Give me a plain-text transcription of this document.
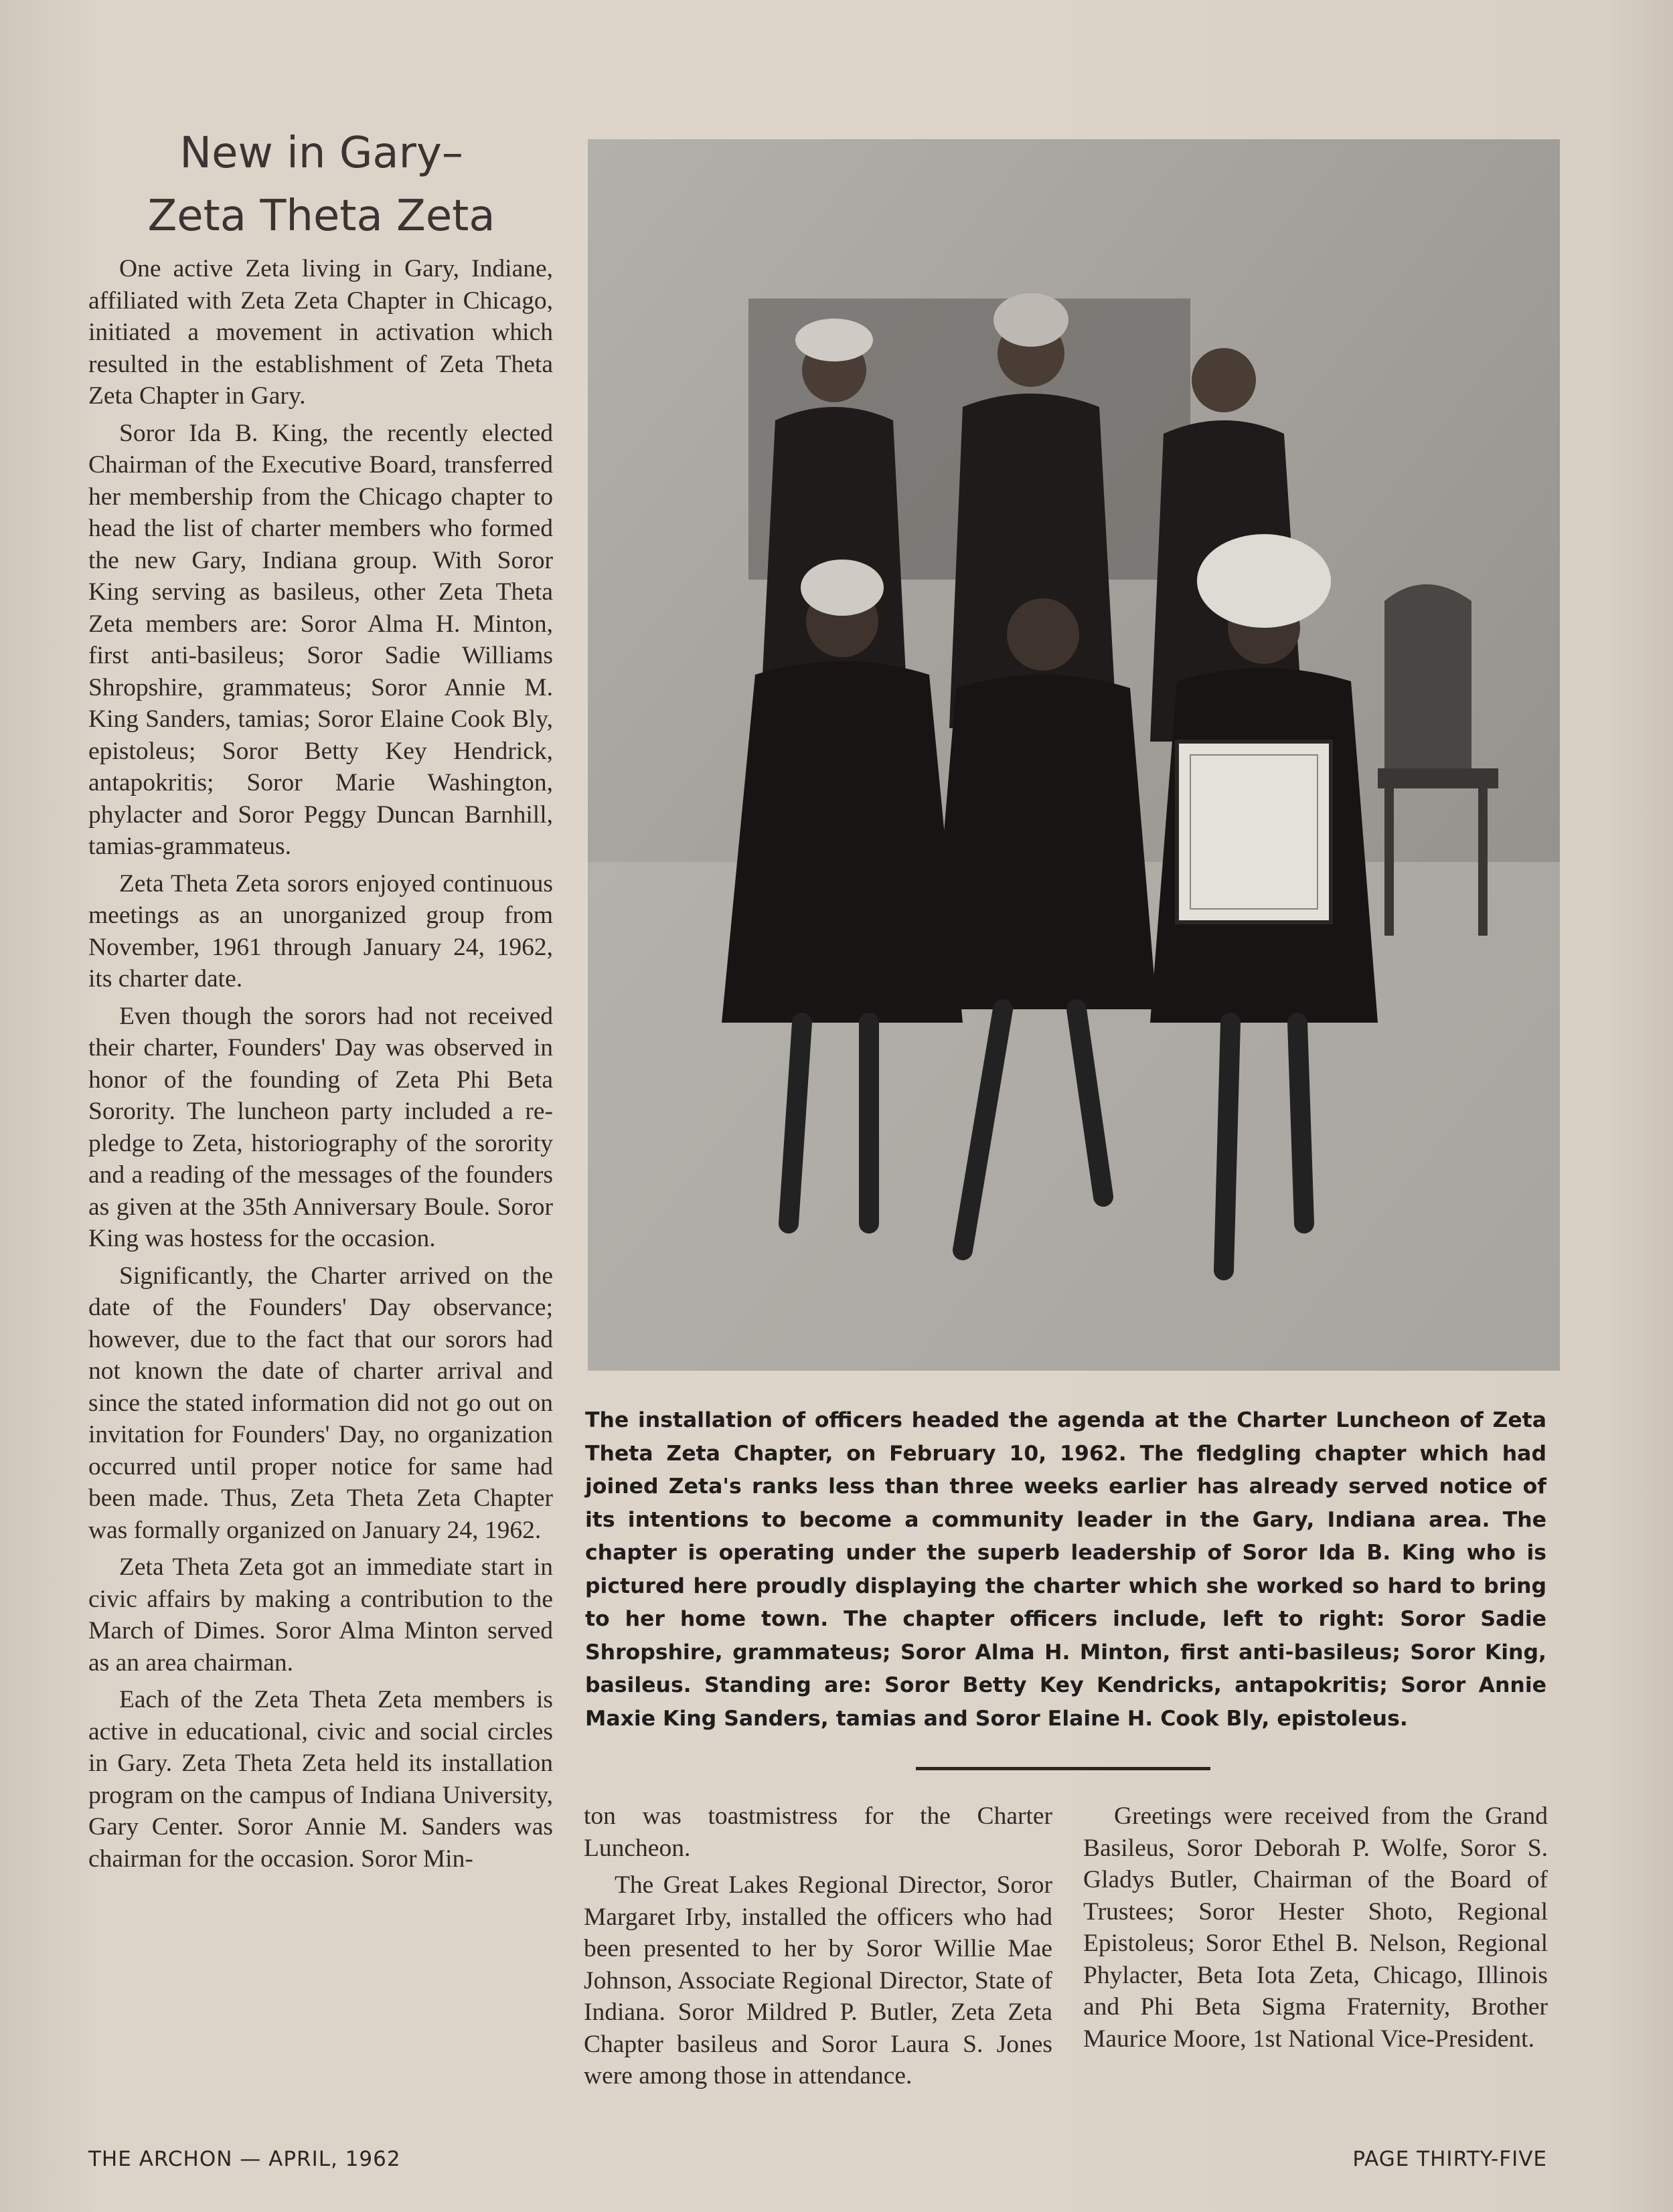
New in Gary–
Zeta Theta Zeta

One active Zeta living in Gary, Indiane, affiliated with Zeta Zeta Chapter in Chicago, initiated a movement in activation which resulted in the establishment of Zeta Theta Zeta Chapter in Gary.

Soror Ida B. King, the recently elected Chairman of the Executive Board, transferred her membership from the Chicago chapter to head the list of charter members who formed the new Gary, Indiana group. With Soror King serving as basileus, other Zeta Theta Zeta members are: Soror Alma H. Minton, first anti-basileus; Soror Sadie Williams Shropshire, grammateus; Soror Annie M. King Sanders, tamias; Soror Elaine Cook Bly, epistoleus; Soror Betty Key Hendrick, antapokritis; Soror Marie Washington, phylacter and Soror Peggy Duncan Barnhill, tamias-grammateus.

Zeta Theta Zeta sorors enjoyed continuous meetings as an unorganized group from November, 1961 through January 24, 1962, its charter date.

Even though the sorors had not received their charter, Founders' Day was observed in honor of the founding of Zeta Phi Beta Sorority. The luncheon party included a re-pledge to Zeta, historiography of the sorority and a reading of the messages of the founders as given at the 35th Anniversary Boule. Soror King was hostess for the occasion.

Significantly, the Charter arrived on the date of the Founders' Day observance; however, due to the fact that our sorors had not known the date of charter arrival and since the stated information did not go out on invitation for Founders' Day, no organization occurred until proper notice for same had been made. Thus, Zeta Theta Zeta Chapter was formally organized on January 24, 1962.

Zeta Theta Zeta got an immediate start in civic affairs by making a contribution to the March of Dimes. Soror Alma Minton served as an area chairman.

Each of the Zeta Theta Zeta members is active in educational, civic and social circles in Gary. Zeta Theta Zeta held its installation program on the campus of Indiana University, Gary Center. Soror Annie M. Sanders was chairman for the occasion. Soror Min-

The installation of officers headed the agenda at the Charter Luncheon of Zeta Theta Zeta Chapter, on February 10, 1962. The fledgling chapter which had joined Zeta's ranks less than three weeks earlier has already served notice of its intentions to become a community leader in the Gary, Indiana area. The chapter is operating under the superb leadership of Soror Ida B. King who is pictured here proudly displaying the charter which she worked so hard to bring to her home town. The chapter officers include, left to right: Soror Sadie Shropshire, grammateus; Soror Alma H. Minton, first anti-basileus; Soror King, basileus. Standing are: Soror Betty Key Kendricks, antapokritis; Soror Annie Maxie King Sanders, tamias and Soror Elaine H. Cook Bly, epistoleus.

ton was toastmistress for the Charter Luncheon.

The Great Lakes Regional Director, Soror Margaret Irby, installed the officers who had been presented to her by Soror Willie Mae Johnson, Associate Regional Director, State of Indiana. Soror Mildred P. Butler, Zeta Zeta Chapter basileus and Soror Laura S. Jones were among those in attendance.

Greetings were received from the Grand Basileus, Soror Deborah P. Wolfe, Soror S. Gladys Butler, Chairman of the Board of Trustees; Soror Hester Shoto, Regional Epistoleus; Soror Ethel B. Nelson, Regional Phylacter, Beta Iota Zeta, Chicago, Illinois and Phi Beta Sigma Fraternity, Brother Maurice Moore, 1st National Vice-President.

THE ARCHON — APRIL, 1962	PAGE THIRTY-FIVE
